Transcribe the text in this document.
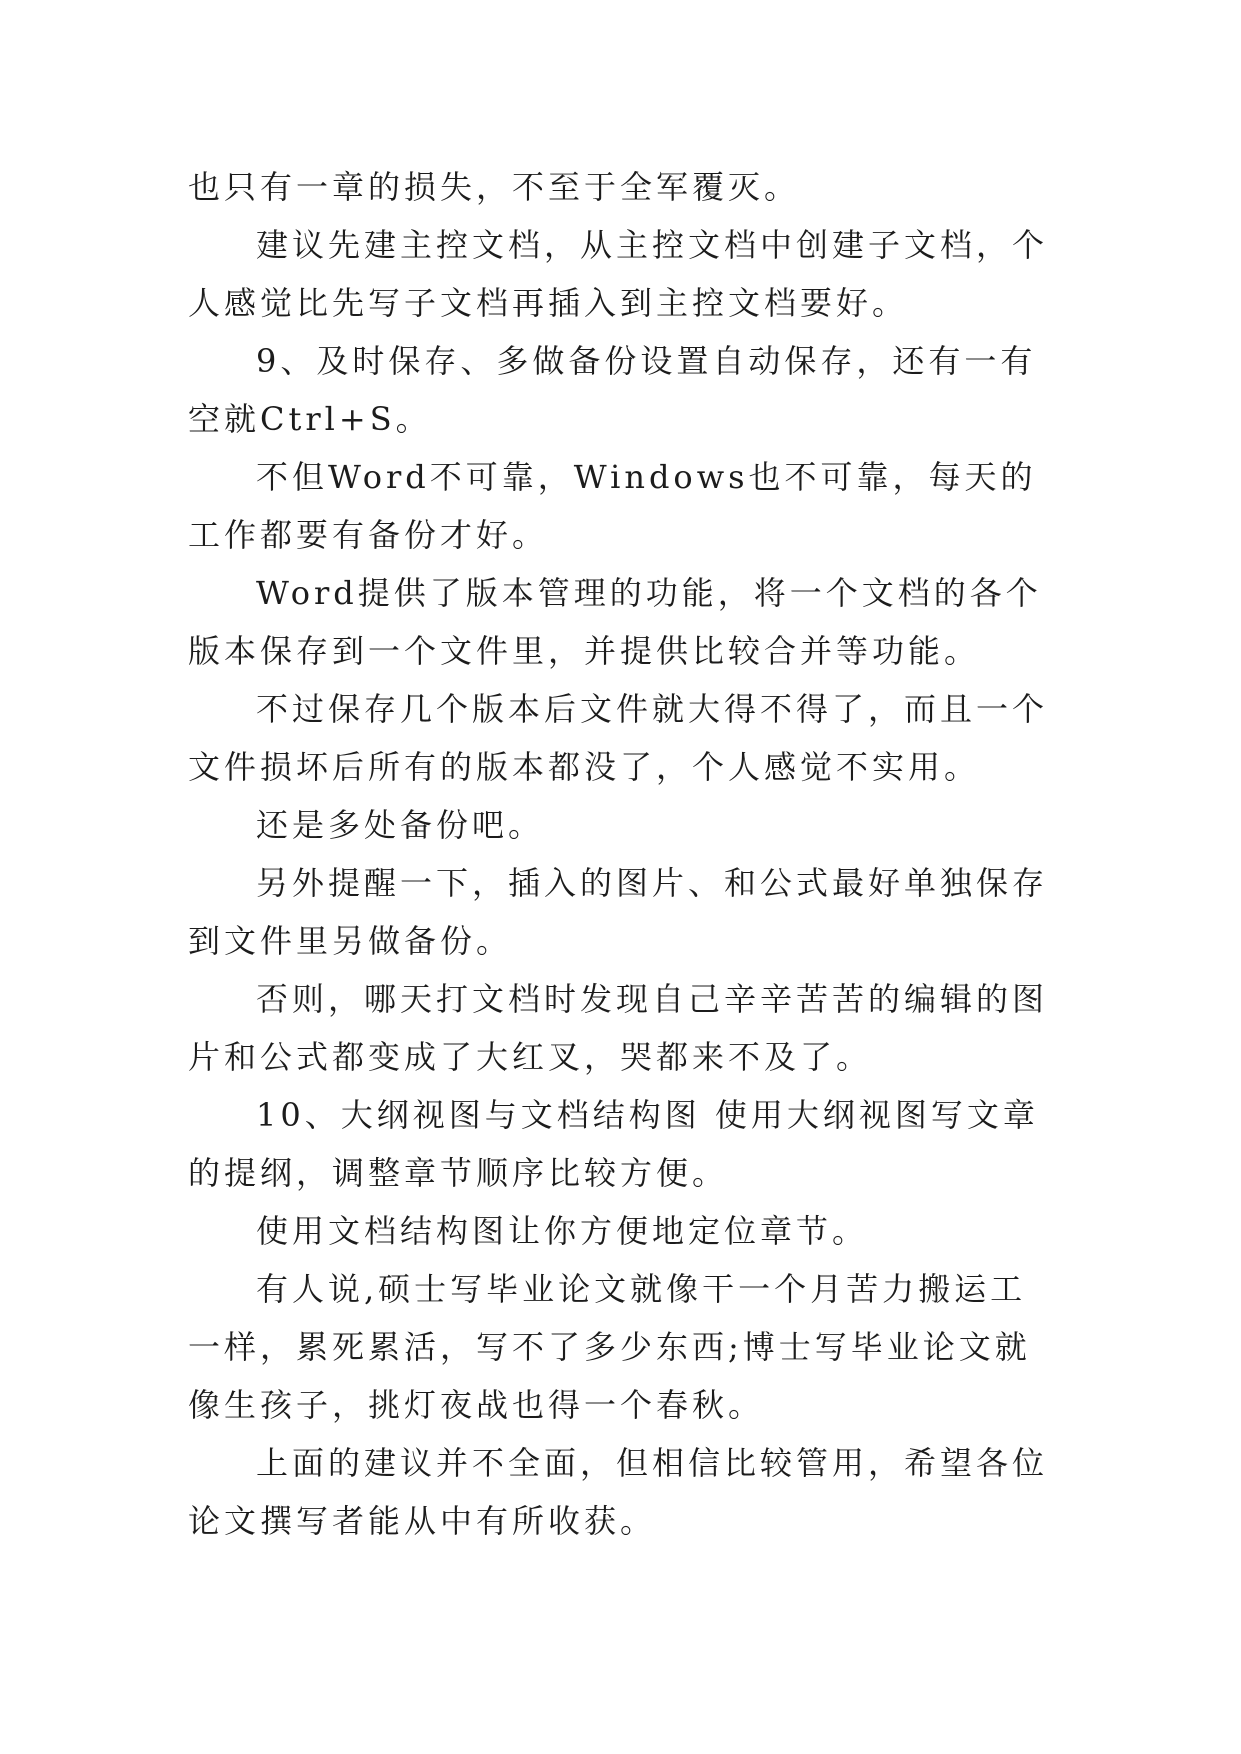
也只有一章的损失，不至于全军覆灭。

建议先建主控文档，从主控文档中创建子文档，个人感觉比先写子文档再插入到主控文档要好。

9、及时保存、多做备份设置自动保存，还有一有空就Ctrl+S。

不但Word不可靠，Windows也不可靠，每天的工作都要有备份才好。

Word提供了版本管理的功能，将一个文档的各个版本保存到一个文件里，并提供比较合并等功能。

不过保存几个版本后文件就大得不得了，而且一个文件损坏后所有的版本都没了，个人感觉不实用。

还是多处备份吧。

另外提醒一下，插入的图片、和公式最好单独保存到文件里另做备份。

否则，哪天打文档时发现自己辛辛苦苦的编辑的图片和公式都变成了大红叉，哭都来不及了。

10、大纲视图与文档结构图 使用大纲视图写文章的提纲，调整章节顺序比较方便。

使用文档结构图让你方便地定位章节。

有人说,硕士写毕业论文就像干一个月苦力搬运工一样，累死累活，写不了多少东西;博士写毕业论文就像生孩子，挑灯夜战也得一个春秋。

上面的建议并不全面，但相信比较管用，希望各位论文撰写者能从中有所收获。
